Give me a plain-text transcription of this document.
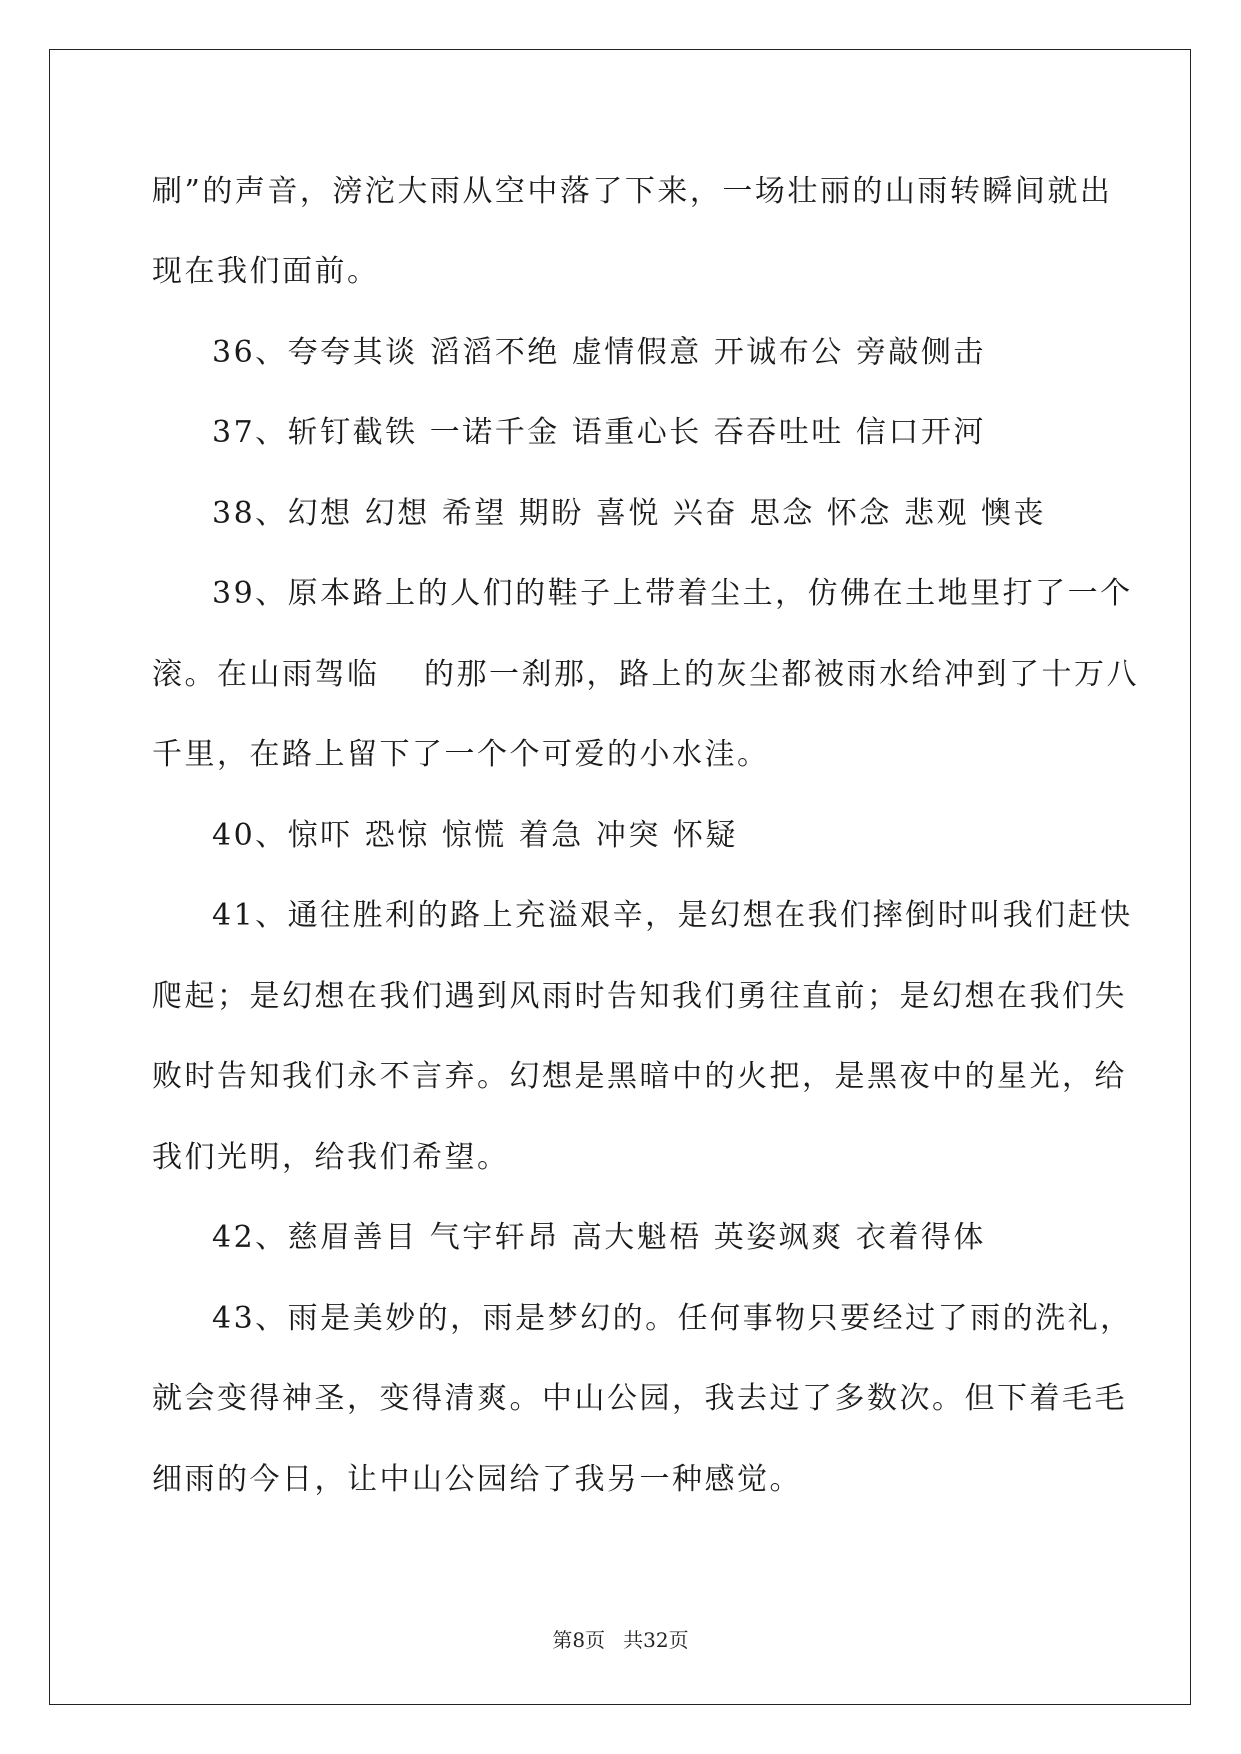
刷”的声音，滂沱大雨从空中落了下来，一场壮丽的山雨转瞬间就出
现在我们面前。
36、夸夸其谈 滔滔不绝 虚情假意 开诚布公 旁敲侧击
37、斩钉截铁 一诺千金 语重心长 吞吞吐吐 信口开河
38、幻想 幻想 希望 期盼 喜悦 兴奋 思念 怀念 悲观 懊丧
39、原本路上的人们的鞋子上带着尘土，仿佛在土地里打了一个
滚。在山雨驾临　 的那一刹那，路上的灰尘都被雨水给冲到了十万八
千里，在路上留下了一个个可爱的小水洼。
40、惊吓 恐惊 惊慌 着急 冲突 怀疑
41、通往胜利的路上充溢艰辛，是幻想在我们摔倒时叫我们赶快
爬起；是幻想在我们遇到风雨时告知我们勇往直前；是幻想在我们失
败时告知我们永不言弃。幻想是黑暗中的火把，是黑夜中的星光，给
我们光明，给我们希望。
42、慈眉善目 气宇轩昂 高大魁梧 英姿飒爽 衣着得体
43、雨是美妙的，雨是梦幻的。任何事物只要经过了雨的洗礼，
就会变得神圣，变得清爽。中山公园，我去过了多数次。但下着毛毛
细雨的今日，让中山公园给了我另一种感觉。
第8页 共32页
